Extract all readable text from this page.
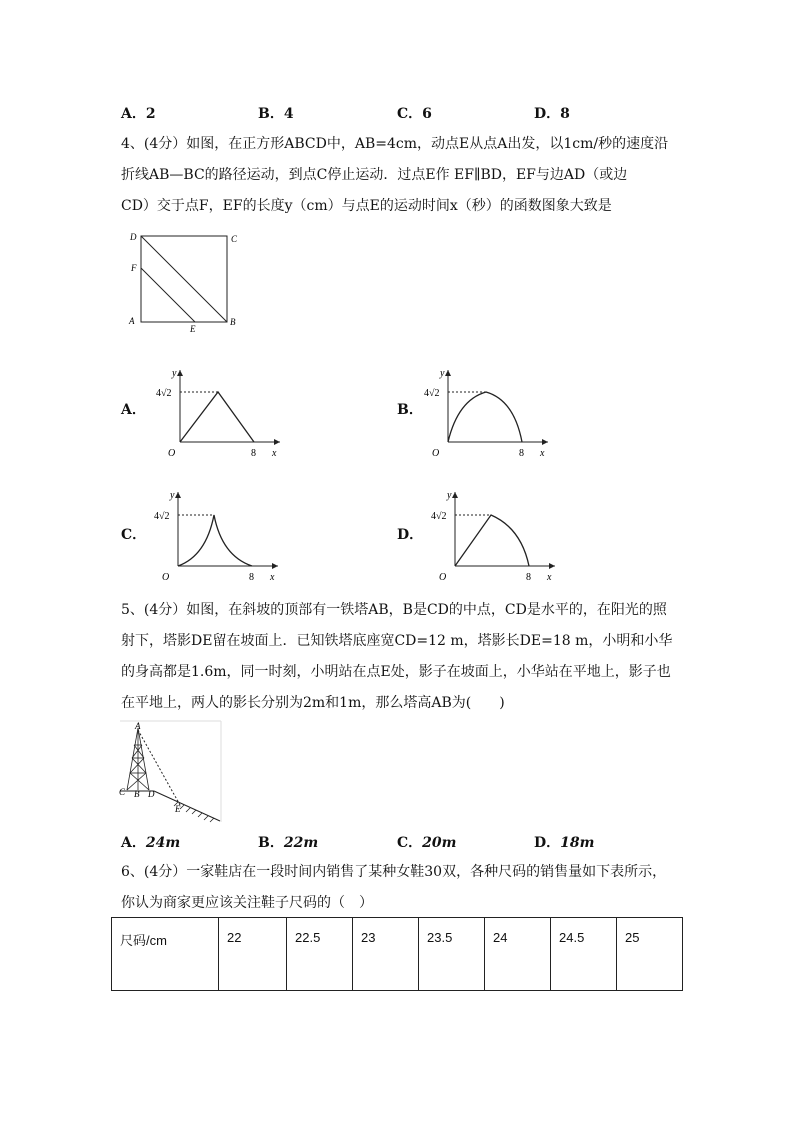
A．2	B．4	C．6	D．8
4、(4分）如图，在正方形ABCD中，AB=4cm，动点E从点A出发，以1cm/秒的速度沿
折线AB—BC的路径运动，到点C停止运动．过点E作 EF∥BD，EF与边AD（或边
CD）交于点F，EF的长度y（cm）与点E的运动时间x（秒）的函数图象大致是
D	C
F
A
E
B
A．
y
x
O	8
4√2
B．
y
x
O	8
4√2
C．
y
x
O	8
4√2
D．
y
x
O	8
4√2
5、(4分）如图，在斜坡的顶部有一铁塔AB，B是CD的中点，CD是水平的，在阳光的照
射下，塔影DE留在坡面上．已知铁塔底座宽CD=12 m，塔影长DE=18 m，小明和小华
的身高都是1.6m，同一时刻，小明站在点E处，影子在坡面上，小华站在平地上，影子也
在平地上，两人的影长分别为2m和1m，那么塔高AB为(　　)
A
C B D
E
A．24m	B．22m	C．20m	D．18m
6、(4分）一家鞋店在一段时间内销售了某种女鞋30双，各种尺码的销售量如下表所示，
你认为商家更应该关注鞋子尺码的（　）
尺码/cm	22	22.5	23	23.5	24	24.5	25
